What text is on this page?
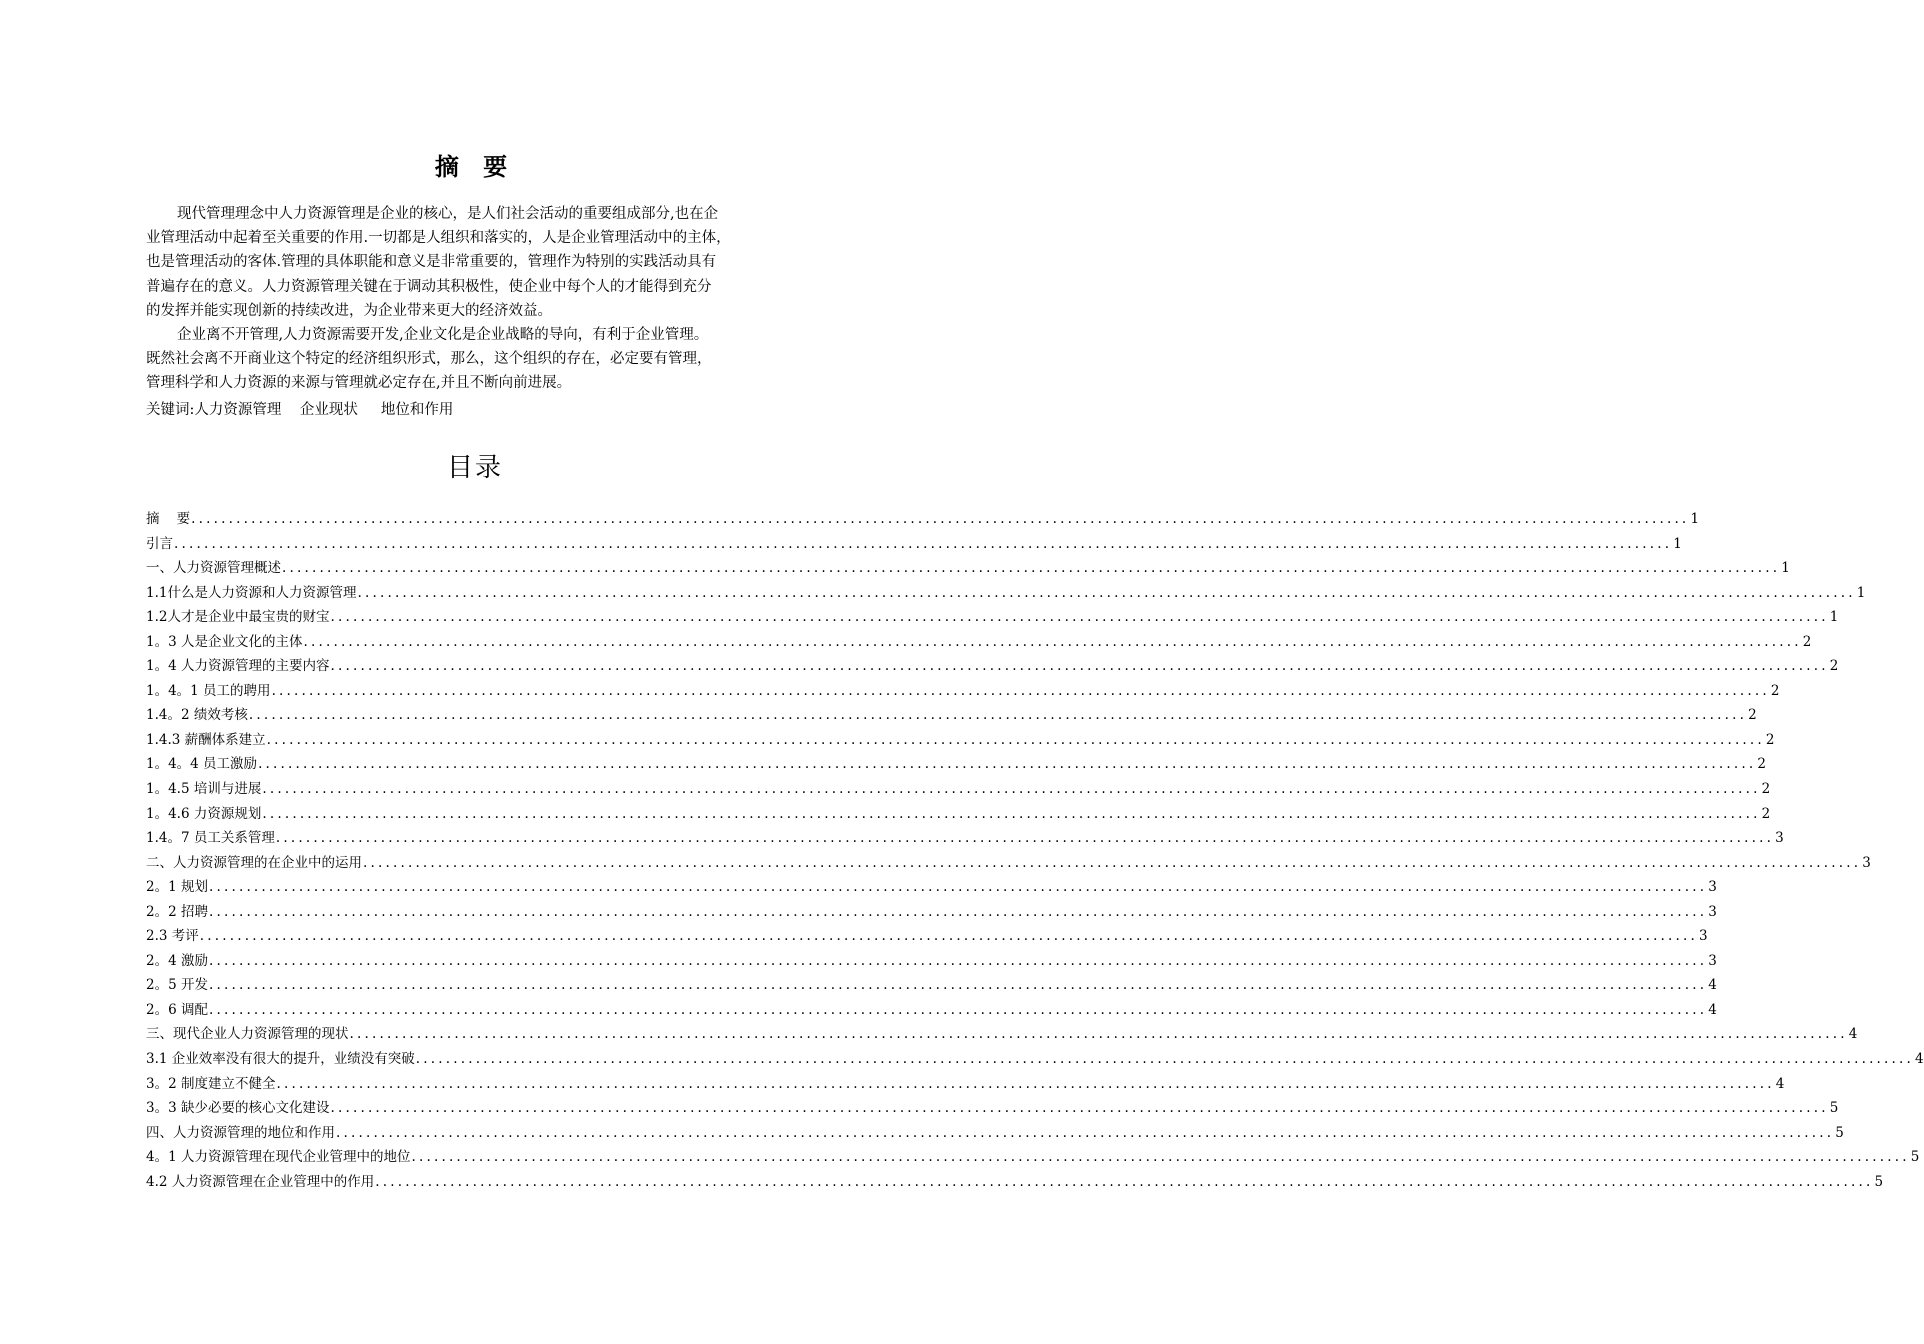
摘 要
现代管理理念中人力资源管理是企业的核心，是人们社会活动的重要组成部分,也在企
业管理活动中起着至关重要的作用.一切都是人组织和落实的，人是企业管理活动中的主体，
也是管理活动的客体.管理的具体职能和意义是非常重要的，管理作为特别的实践活动具有
普遍存在的意义。人力资源管理关键在于调动其积极性，使企业中每个人的才能得到充分
的发挥并能实现创新的持续改进，为企业带来更大的经济效益。
企业离不开管理,人力资源需要开发,企业文化是企业战略的导向，有利于企业管理。
既然社会离不开商业这个特定的经济组织形式，那么，这个组织的存在，必定要有管理，
管理科学和人力资源的来源与管理就必定存在,并且不断向前进展。
关键词:人力资源管理    企业现状     地位和作用
目录
摘    要 ........................................................................................................................................................................................................ 1
引言 ........................................................................................................................................................................................................ 1
一、人力资源管理概述 ........................................................................................................................................................................................................ 1
1.1什么是人力资源和人力资源管理 ........................................................................................................................................................................................................ 1
1.2人才是企业中最宝贵的财宝 ........................................................................................................................................................................................................ 1
1。3 人是企业文化的主体 ........................................................................................................................................................................................................ 2
1。4 人力资源管理的主要内容 ........................................................................................................................................................................................................ 2
1。4。1 员工的聘用 ........................................................................................................................................................................................................ 2
1.4。2 绩效考核 ........................................................................................................................................................................................................ 2
1.4.3 薪酬体系建立 ........................................................................................................................................................................................................ 2
1。4。4 员工激励 ........................................................................................................................................................................................................ 2
1。4.5 培训与进展 ........................................................................................................................................................................................................ 2
1。4.6 力资源规划 ........................................................................................................................................................................................................ 2
1.4。7 员工关系管理 ........................................................................................................................................................................................................ 3
二、人力资源管理的在企业中的运用 ........................................................................................................................................................................................................ 3
2。1 规划 ........................................................................................................................................................................................................ 3
2。2 招聘 ........................................................................................................................................................................................................ 3
2.3 考评 ........................................................................................................................................................................................................ 3
2。4 激励 ........................................................................................................................................................................................................ 3
2。5 开发 ........................................................................................................................................................................................................ 4
2。6 调配 ........................................................................................................................................................................................................ 4
三、现代企业人力资源管理的现状 ........................................................................................................................................................................................................ 4
3.1 企业效率没有很大的提升，业绩没有突破 ........................................................................................................................................................................................................ 4
3。2 制度建立不健全 ........................................................................................................................................................................................................ 4
3。3 缺少必要的核心文化建设 ........................................................................................................................................................................................................ 5
四、人力资源管理的地位和作用 ........................................................................................................................................................................................................ 5
4。1 人力资源管理在现代企业管理中的地位 ........................................................................................................................................................................................................ 5
4.2 人力资源管理在企业管理中的作用 ........................................................................................................................................................................................................ 5
